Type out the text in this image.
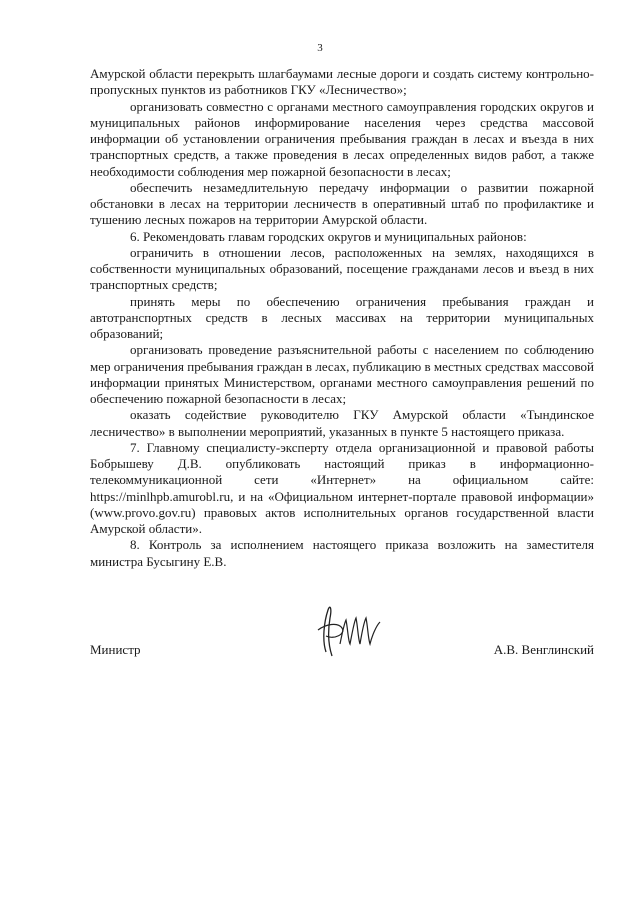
3

Амурской области перекрыть шлагбаумами лесные дороги и создать систему контрольно-пропускных пунктов из работников ГКУ «Лесничество»;

организовать совместно с органами местного самоуправления городских округов и муниципальных районов информирование населения через средства массовой информации об установлении ограничения пребывания граждан в лесах и въезда в них транспортных средств, а также проведения в лесах определенных видов работ, а также необходимости соблюдения мер пожарной безопасности в лесах;

обеспечить незамедлительную передачу информации о развитии пожарной обстановки в лесах на территории лесничеств в оперативный штаб по профилактике и тушению лесных пожаров на территории Амурской области.

6. Рекомендовать главам городских округов и муниципальных районов:

ограничить в отношении лесов, расположенных на землях, находящихся в собственности муниципальных образований, посещение гражданами лесов и въезд в них транспортных средств;

принять меры по обеспечению ограничения пребывания граждан и автотранспортных средств в лесных массивах на территории муниципальных образований;

организовать проведение разъяснительной работы с населением по соблюдению мер ограничения пребывания граждан в лесах, публикацию в местных средствах массовой информации принятых Министерством, органами местного самоуправления решений по обеспечению пожарной безопасности в лесах;

оказать содействие руководителю ГКУ Амурской области «Тындинское лесничество» в выполнении мероприятий, указанных в пункте 5 настоящего приказа.

7. Главному специалисту-эксперту отдела организационной и правовой работы Бобрышеву Д.В. опубликовать настоящий приказ в информационно-телекоммуникационной сети «Интернет» на официальном сайте: https://minlhpb.amurobl.ru, и на «Официальном интернет-портале правовой информации» (www.provo.gov.ru) правовых актов исполнительных органов государственной власти Амурской области».

8. Контроль за исполнением настоящего приказа возложить на заместителя министра Бусыгину Е.В.

Министр	А.В. Венглинский
